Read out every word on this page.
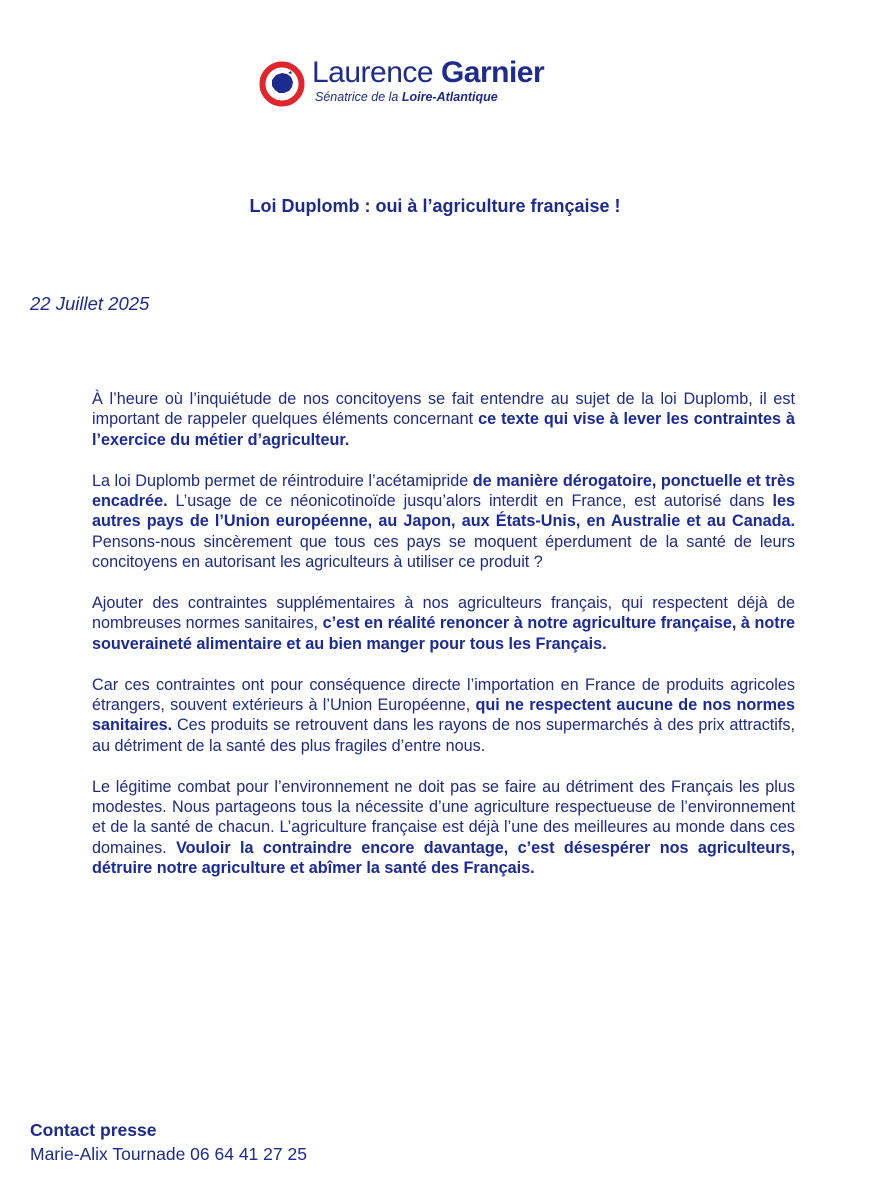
Laurence Garnier
Sénatrice de la Loire-Atlantique
Loi Duplomb : oui à l’agriculture française !
22 Juillet 2025

À l’heure où l’inquiétude de nos concitoyens se fait entendre au sujet de la loi Duplomb, il est important de rappeler quelques éléments concernant ce texte qui vise à lever les contraintes à l’exercice du métier d’agriculteur.

La loi Duplomb permet de réintroduire l’acétamipride de manière dérogatoire, ponctuelle et très encadrée. L’usage de ce néonicotinoïde jusqu’alors interdit en France, est autorisé dans les autres pays de l’Union européenne, au Japon, aux États-Unis, en Australie et au Canada. Pensons-nous sincèrement que tous ces pays se moquent éperdument de la santé de leurs concitoyens en autorisant les agriculteurs à utiliser ce produit ?

Ajouter des contraintes supplémentaires à nos agriculteurs français, qui respectent déjà de nombreuses normes sanitaires, c’est en réalité renoncer à notre agriculture française, à notre souveraineté alimentaire et au bien manger pour tous les Français.

Car ces contraintes ont pour conséquence directe l’importation en France de produits agricoles étrangers, souvent extérieurs à l’Union Européenne, qui ne respectent aucune de nos normes sanitaires. Ces produits se retrouvent dans les rayons de nos supermarchés à des prix attractifs, au détriment de la santé des plus fragiles d’entre nous.

Le légitime combat pour l’environnement ne doit pas se faire au détriment des Français les plus modestes. Nous partageons tous la nécessite d’une agriculture respectueuse de l’environnement et de la santé de chacun. L’agriculture française est déjà l’une des meilleures au monde dans ces domaines. Vouloir la contraindre encore davantage, c’est désespérer nos agriculteurs, détruire notre agriculture et abîmer la santé des Français.

Contact presse
Marie-Alix Tournade 06 64 41 27 25
